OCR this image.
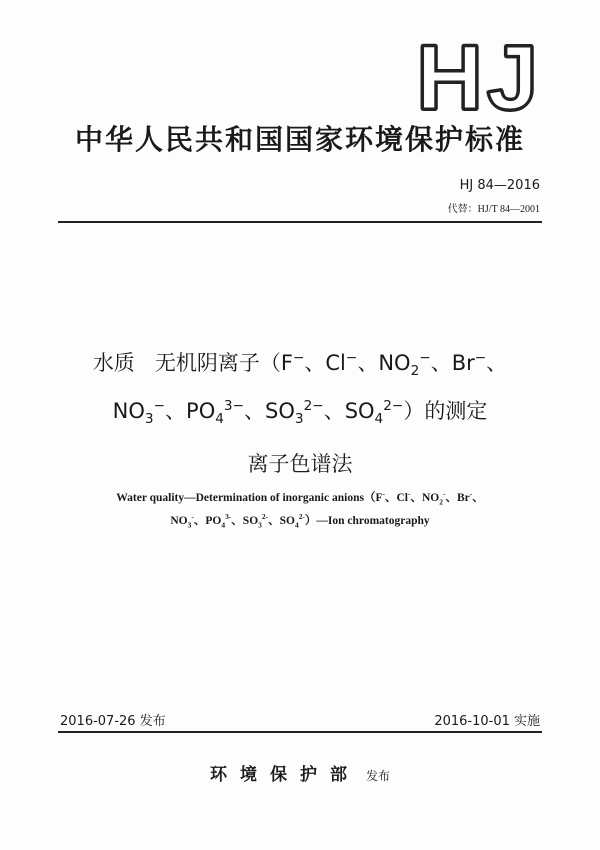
HJ
中华人民共和国国家环境保护标准
HJ 84—2016
代替：HJ/T 84—2001
水质 无机阴离子（F−、Cl−、$NO_2^-$、Br−、
$NO_3^-$、$PO_4^{3-}$、$SO_3^{2-}$、$SO_4^{2-}$）的测定
离子色谱法
Water quality—Determination of inorganic anions（F-、Cl-、$NO_2^-$、Br-、
$NO_3^-$、$PO_4^{3-}$、$SO_3^{2-}$、$SO_4^{2-})—Ion$ chromatography
2016-07-26 发布	2016-10-01 实施
环境保护部 发布
